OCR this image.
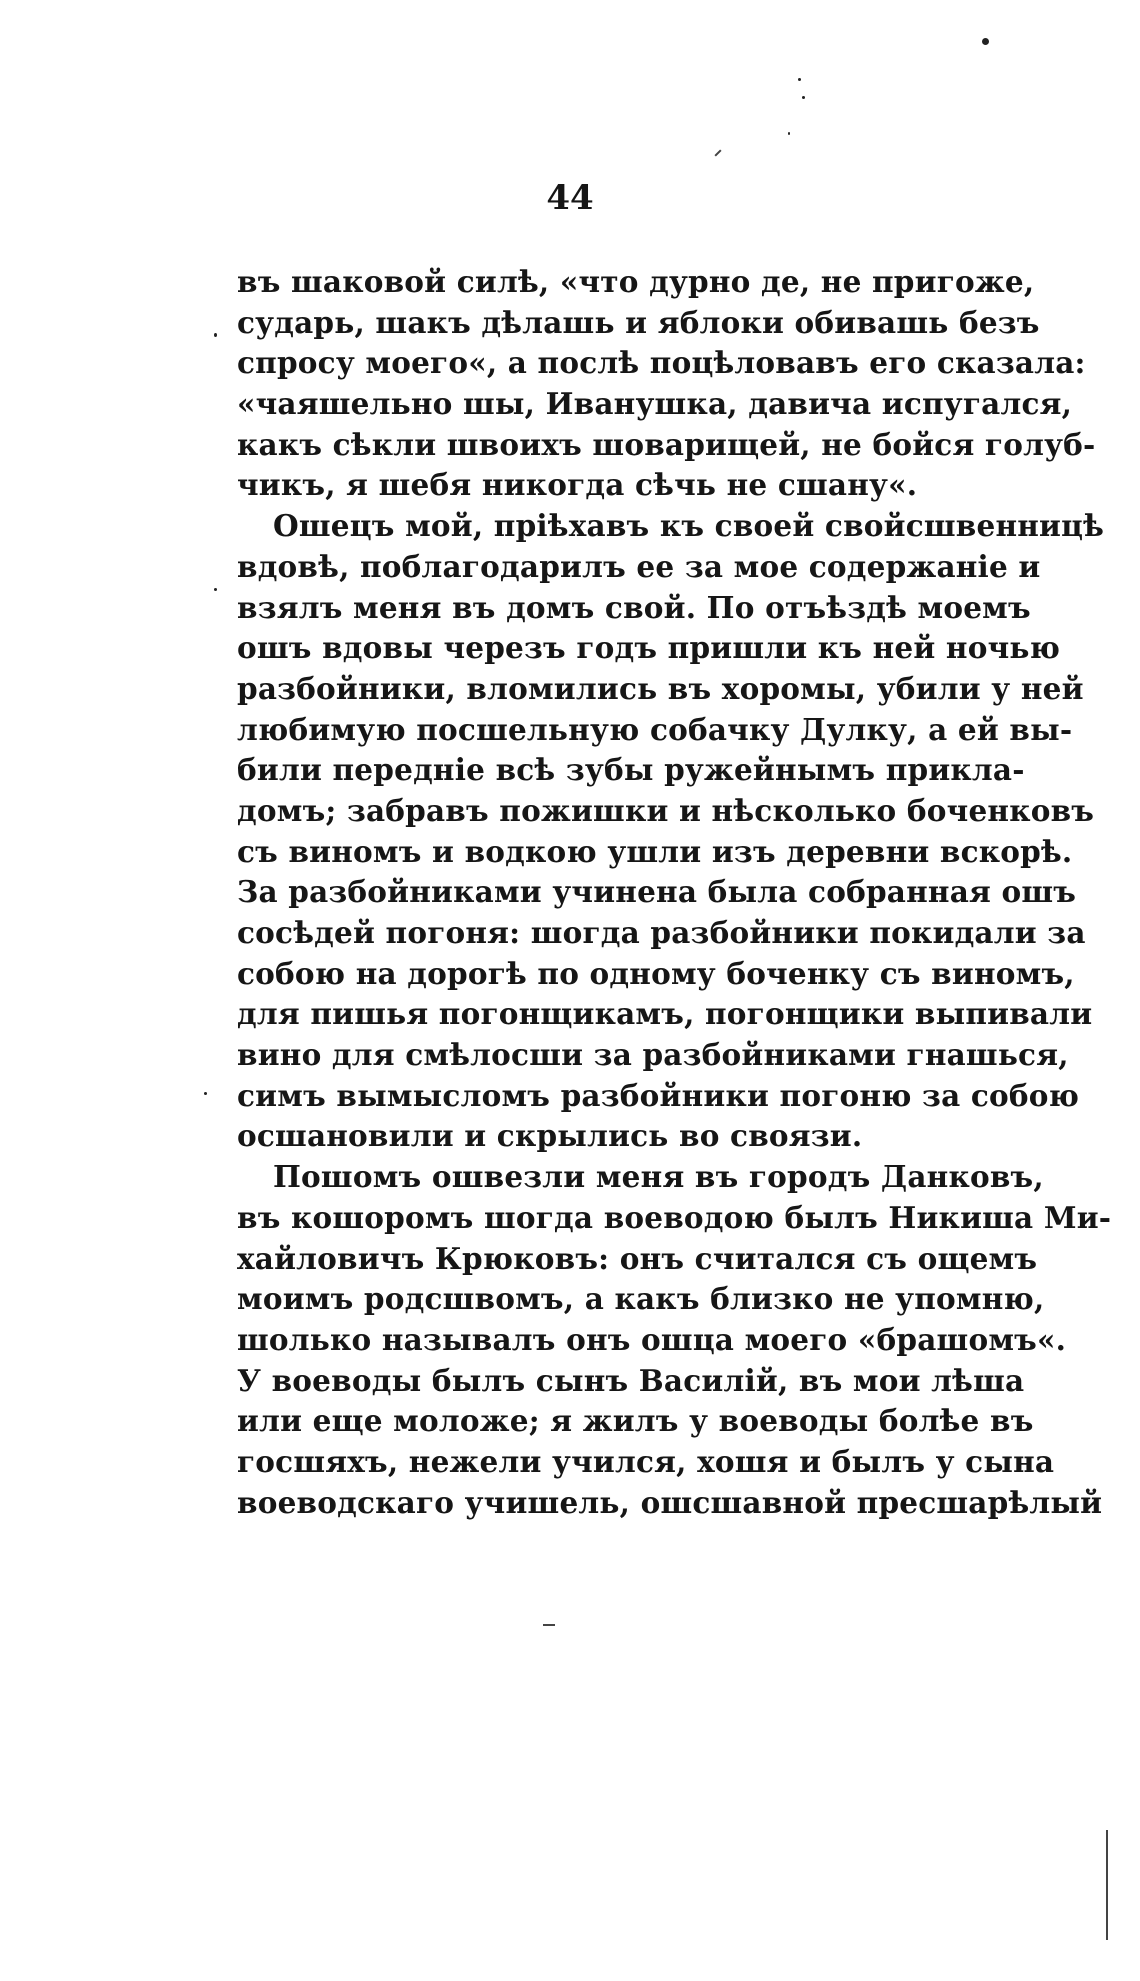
44
въ шаковой силѣ, «что дурно де, не пригоже,
сударь, шакъ дѣлашь и яблоки обивашь безъ
спросу моего«, а послѣ поцѣловавъ его сказала:
«чаяшельно шы, Иванушка, давича испугался,
какъ сѣкли швоихъ шоварищей, не бойся голуб-
чикъ, я шебя никогда сѣчь не сшану«.
Ошецъ мой, пріѣхавъ къ своей свойсшвенницѣ
вдовѣ, поблагодарилъ ее за мое содержаніе и
взялъ меня въ домъ свой. По отъѣздѣ моемъ
ошъ вдовы черезъ годъ пришли къ ней ночью
разбойники, вломились въ хоромы, убили у ней
любимую посшельную собачку Дулку, а ей вы-
били передніе всѣ зубы ружейнымъ прикла-
домъ; забравъ пожишки и нѣсколько боченковъ
съ виномъ и водкою ушли изъ деревни вскорѣ.
За разбойниками учинена была собранная ошъ
сосѣдей погоня: шогда разбойники покидали за
собою на дорогѣ по одному боченку съ виномъ,
для пишья погонщикамъ, погонщики выпивали
вино для смѣлосши за разбойниками гнашься,
симъ вымысломъ разбойники погоню за собою
осшановили и скрылись во своязи.
Пошомъ ошвезли меня въ городъ Данковъ,
въ кошоромъ шогда воеводою былъ Никиша Ми-
хайловичъ Крюковъ: онъ считался съ ощемъ
моимъ родсшвомъ, а какъ близко не упомню,
шолько называлъ онъ ошца моего «брашомъ«.
У воеводы былъ сынъ Василій, въ мои лѣша
или еще моложе; я жилъ у воеводы болѣе въ
госшяхъ, нежели учился, хошя и былъ у сына
воеводскаго учишель, ошсшавной пресшарѣлый
